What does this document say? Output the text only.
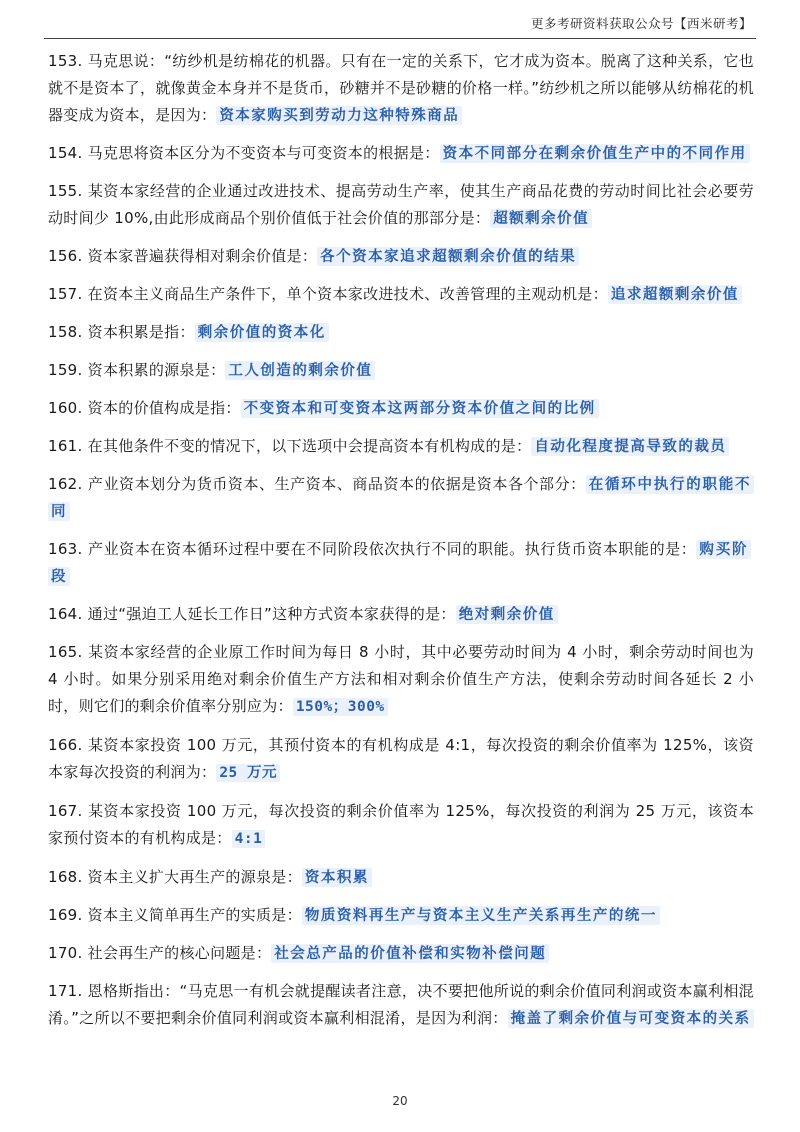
更多考研资料获取公众号【西米研考】

153. 马克思说：“纺纱机是纺棉花的机器。只有在一定的关系下，它才成为资本。脱离了这种关系，它也就不是资本了，就像黄金本身并不是货币，砂糖并不是砂糖的价格一样。”纺纱机之所以能够从纺棉花的机器变成为资本，是因为： 资本家购买到劳动力这种特殊商品

154. 马克思将资本区分为不变资本与可变资本的根据是： 资本不同部分在剩余价值生产中的不同作用

155. 某资本家经营的企业通过改进技术、提高劳动生产率，使其生产商品花费的劳动时间比社会必要劳动时间少 10%,由此形成商品个别价值低于社会价值的那部分是： 超额剩余价值

156. 资本家普遍获得相对剩余价值是： 各个资本家追求超额剩余价值的结果

157. 在资本主义商品生产条件下，单个资本家改进技术、改善管理的主观动机是： 追求超额剩余价值

158. 资本积累是指： 剩余价值的资本化

159. 资本积累的源泉是： 工人创造的剩余价值

160. 资本的价值构成是指： 不变资本和可变资本这两部分资本价值之间的比例

161. 在其他条件不变的情况下，以下选项中会提高资本有机构成的是： 自动化程度提高导致的裁员

162. 产业资本划分为货币资本、生产资本、商品资本的依据是资本各个部分： 在循环中执行的职能不同

163. 产业资本在资本循环过程中要在不同阶段依次执行不同的职能。执行货币资本职能的是： 购买阶段

164. 通过“强迫工人延长工作日”这种方式资本家获得的是： 绝对剩余价值

165. 某资本家经营的企业原工作时间为每日 8 小时，其中必要劳动时间为 4 小时，剩余劳动时间也为 4 小时。如果分别采用绝对剩余价值生产方法和相对剩余价值生产方法，使剩余劳动时间各延长 2 小时，则它们的剩余价值率分别应为： 150%；300%

166. 某资本家投资 100 万元，其预付资本的有机构成是 4:1，每次投资的剩余价值率为 125%，该资本家每次投资的利润为： 25 万元

167. 某资本家投资 100 万元，每次投资的剩余价值率为 125%，每次投资的利润为 25 万元，该资本家预付资本的有机构成是： 4:1

168. 资本主义扩大再生产的源泉是： 资本积累

169. 资本主义简单再生产的实质是： 物质资料再生产与资本主义生产关系再生产的统一

170. 社会再生产的核心问题是： 社会总产品的价值补偿和实物补偿问题

171. 恩格斯指出：“马克思一有机会就提醒读者注意，决不要把他所说的剩余价值同利润或资本赢利相混淆。”之所以不要把剩余价值同利润或资本赢利相混淆，是因为利润： 掩盖了剩余价值与可变资本的关系

20
